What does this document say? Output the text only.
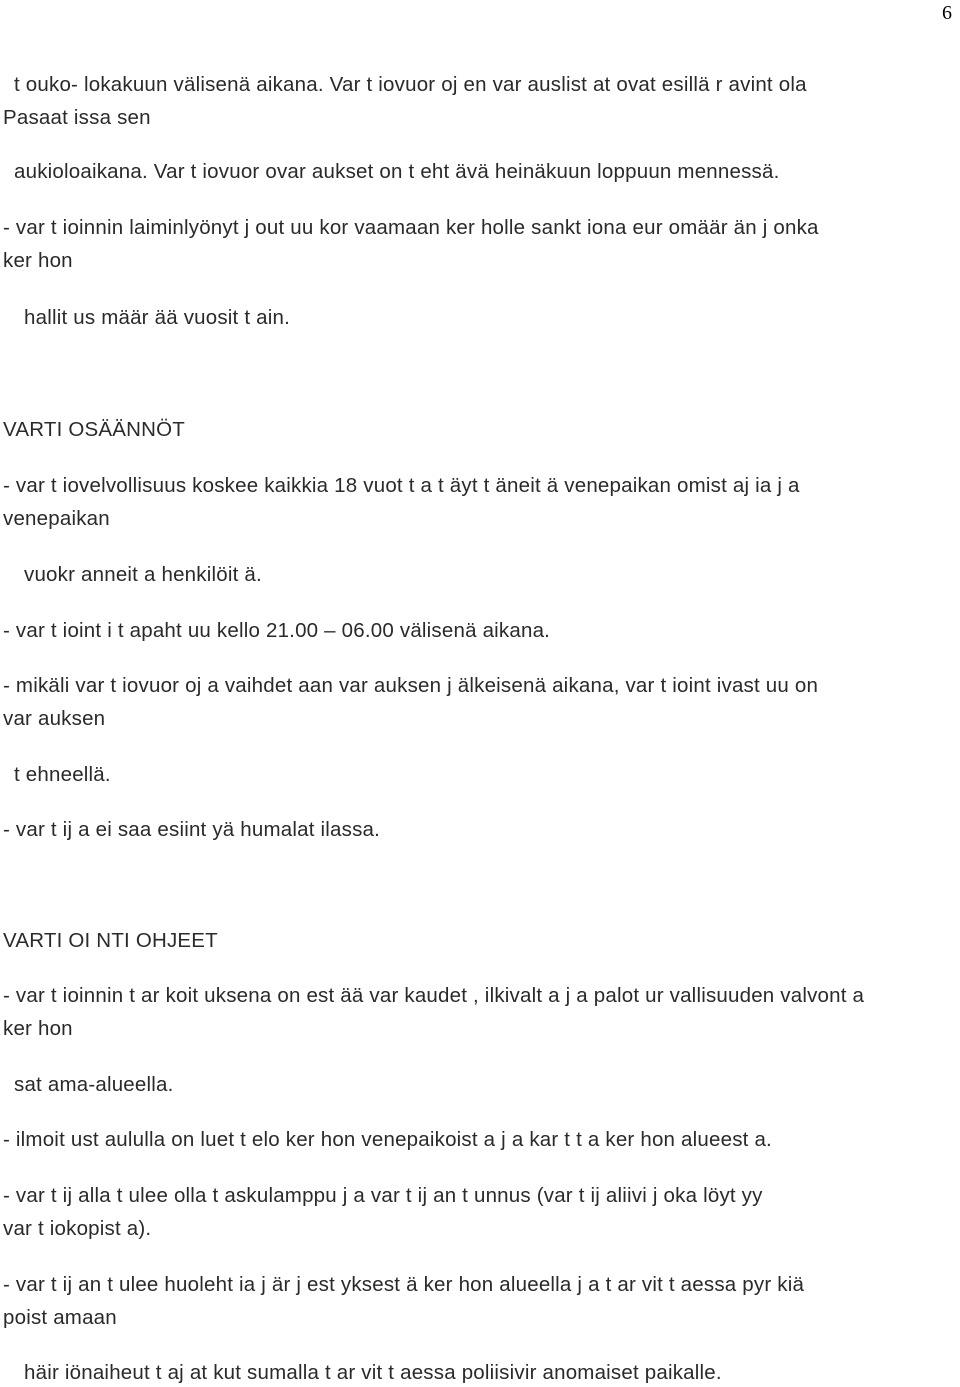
6
t ouko- lokakuun välisenä aikana. Var t iovuor oj en var auslist at ovat esillä r avint ola
Pasaat issa sen
aukioloaikana. Var t iovuor ovar aukset on t eht ävä heinäkuun loppuun mennessä.
- var t ioinnin laiminlyönyt j out uu kor vaamaan ker holle sankt iona eur omäär än j onka
ker hon
hallit us määr ää vuosit t ain.
VARTI OSÄÄNNÖT
- var t iovelvollisuus koskee kaikkia 18 vuot t a t äyt t äneit ä venepaikan omist aj ia j a
venepaikan
vuokr anneit a henkilöit ä.
- var t ioint i t apaht uu kello 21.00 – 06.00 välisenä aikana.
- mikäli var t iovuor oj a vaihdet aan var auksen j älkeisenä aikana, var t ioint ivast uu on
var auksen
t ehneellä.
- var t ij a ei saa esiint yä humalat ilassa.
VARTI OI NTI OHJEET
- var t ioinnin t ar koit uksena on est ää var kaudet , ilkivalt a j a palot ur vallisuuden valvont a
ker hon
sat ama-alueella.
- ilmoit ust aululla on luet t elo ker hon venepaikoist a j a kar t t a ker hon alueest a.
- var t ij alla t ulee olla t askulamppu j a var t ij an t unnus (var t ij aliivi j oka löyt yy
var t iokopist a).
- var t ij an t ulee huoleht ia j är j est yksest ä ker hon alueella j a t ar vit t aessa pyr kiä
poist amaan
häir iönaiheut t aj at kut sumalla t ar vit t aessa poliisivir anomaiset paikalle.
